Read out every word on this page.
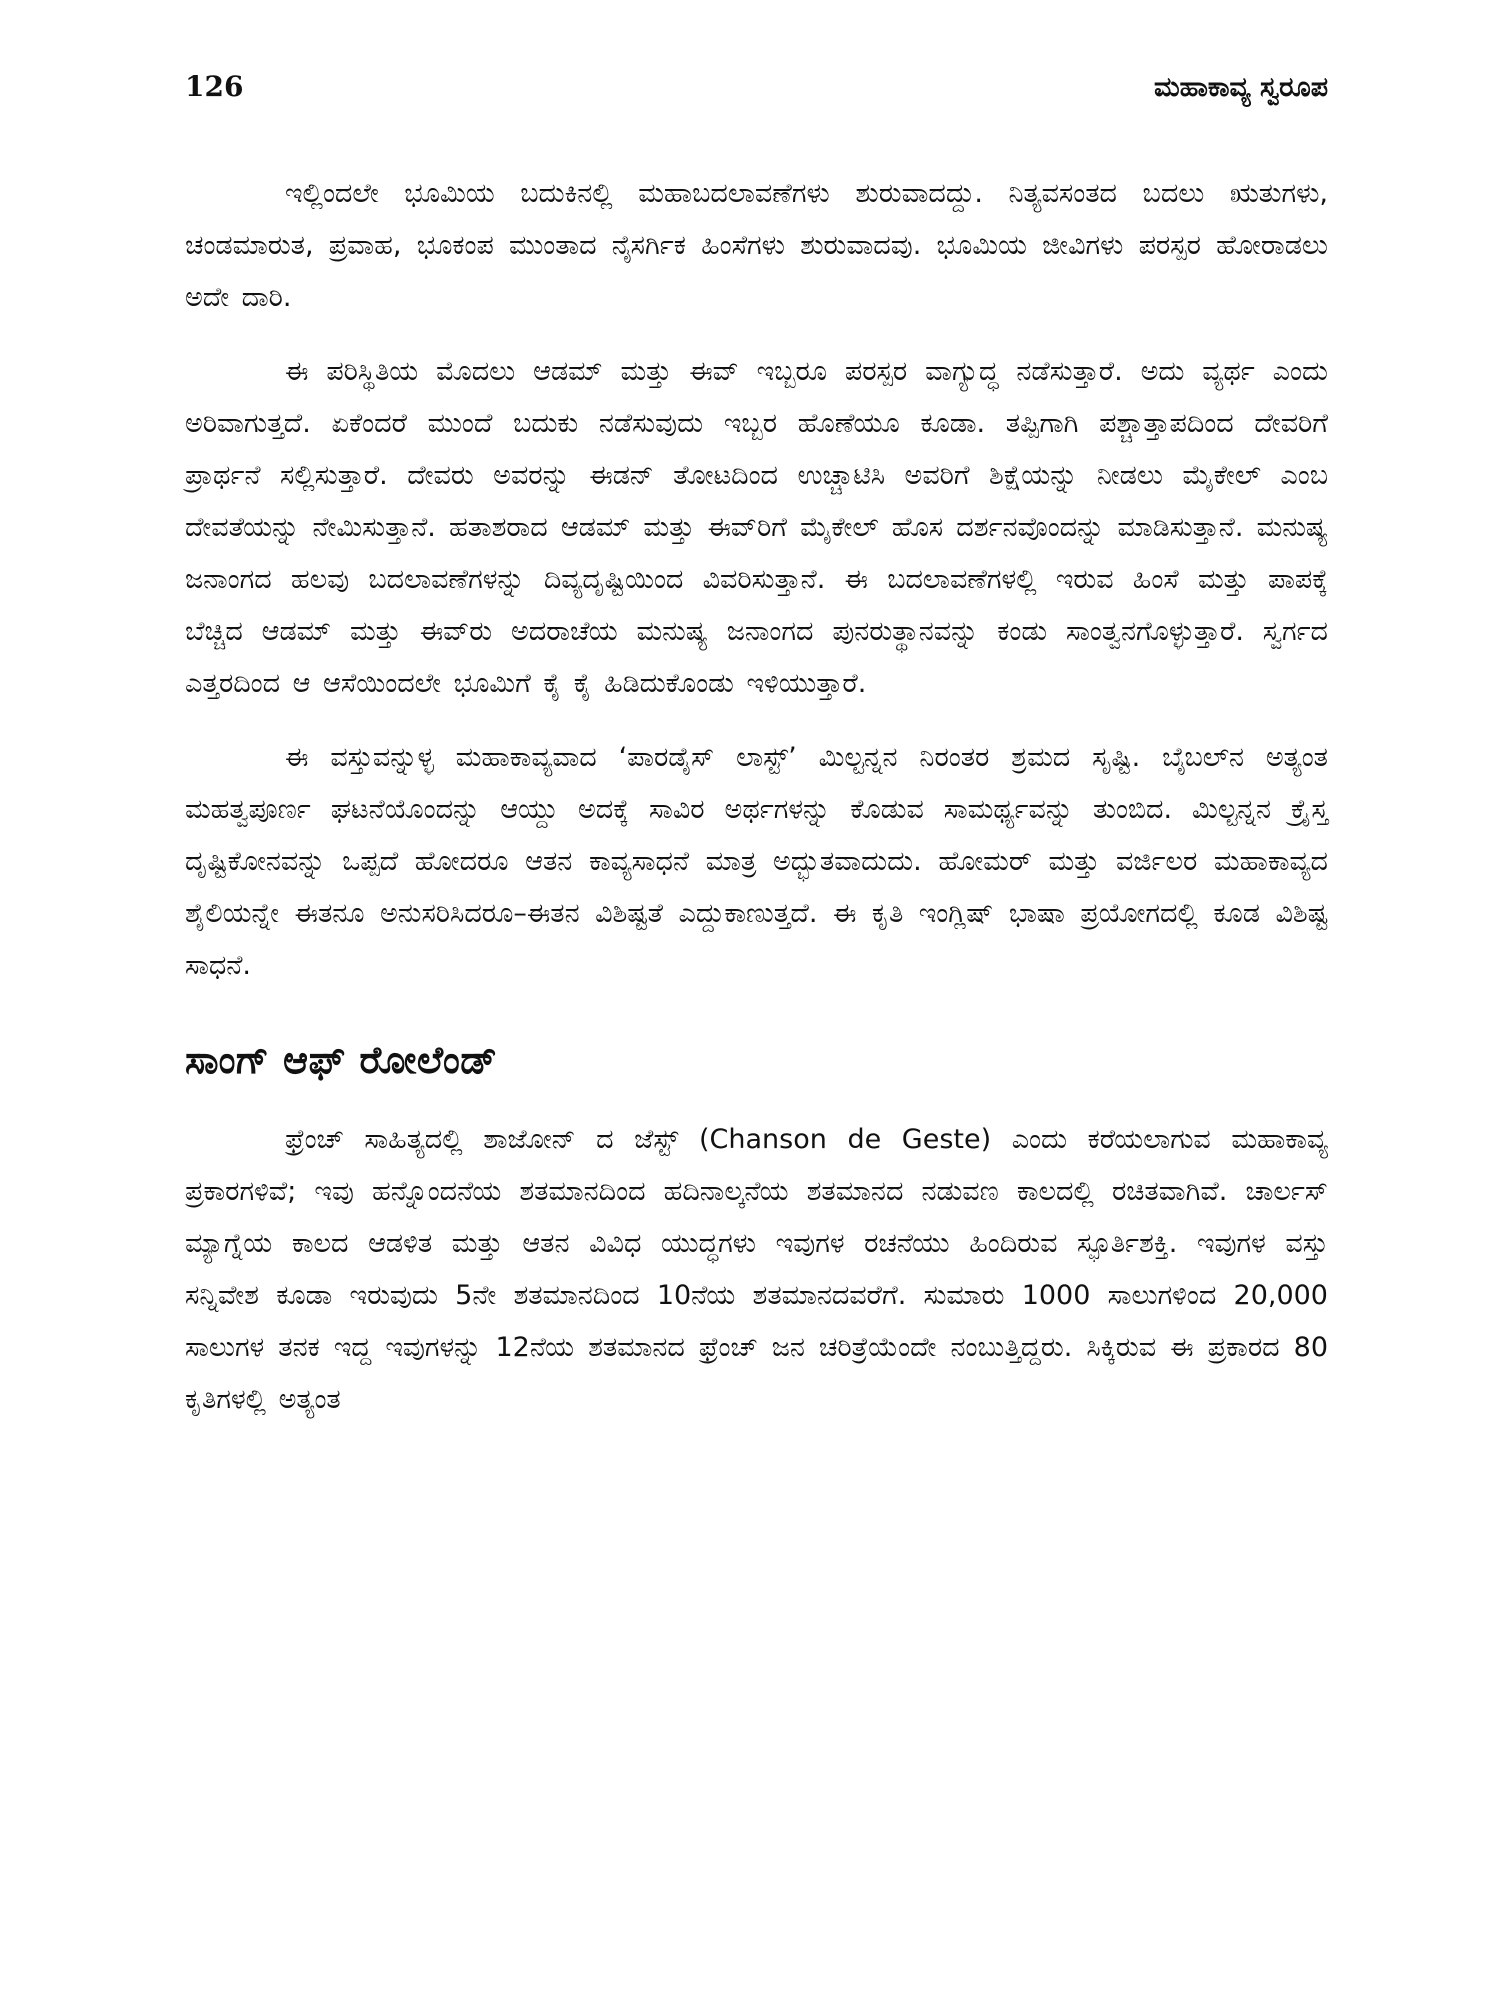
126	ಮಹಾಕಾವ್ಯ ಸ್ವರೂಪ

ಇಲ್ಲಿಂದಲೇ ಭೂಮಿಯ ಬದುಕಿನಲ್ಲಿ ಮಹಾಬದಲಾವಣೆಗಳು ಶುರುವಾದದ್ದು. ನಿತ್ಯವಸಂತದ ಬದಲು ಋತುಗಳು, ಚಂಡಮಾರುತ, ಪ್ರವಾಹ, ಭೂಕಂಪ ಮುಂತಾದ ನೈಸರ್ಗಿಕ ಹಿಂಸೆಗಳು ಶುರುವಾದವು. ಭೂಮಿಯ ಜೀವಿಗಳು ಪರಸ್ಪರ ಹೋರಾಡಲು ಅದೇ ದಾರಿ.

ಈ ಪರಿಸ್ಥಿತಿಯ ಮೊದಲು ಆಡಮ್ ಮತ್ತು ಈವ್ ಇಬ್ಬರೂ ಪರಸ್ಪರ ವಾಗ್ಯುದ್ಧ ನಡೆಸುತ್ತಾರೆ. ಅದು ವ್ಯರ್ಥ ಎಂದು ಅರಿವಾಗುತ್ತದೆ. ಏಕೆಂದರೆ ಮುಂದೆ ಬದುಕು ನಡೆಸುವುದು ಇಬ್ಬರ ಹೊಣೆಯೂ ಕೂಡಾ. ತಪ್ಪಿಗಾಗಿ ಪಶ್ಚಾತ್ತಾಪದಿಂದ ದೇವರಿಗೆ ಪ್ರಾರ್ಥನೆ ಸಲ್ಲಿಸುತ್ತಾರೆ. ದೇವರು ಅವರನ್ನು ಈಡನ್ ತೋಟದಿಂದ ಉಚ್ಚಾಟಿಸಿ ಅವರಿಗೆ ಶಿಕ್ಷೆಯನ್ನು ನೀಡಲು ಮೈಕೇಲ್ ಎಂಬ ದೇವತೆಯನ್ನು ನೇಮಿಸುತ್ತಾನೆ. ಹತಾಶರಾದ ಆಡಮ್ ಮತ್ತು ಈವ್‌ರಿಗೆ ಮೈಕೇಲ್ ಹೊಸ ದರ್ಶನವೊಂದನ್ನು ಮಾಡಿಸುತ್ತಾನೆ. ಮನುಷ್ಯ ಜನಾಂಗದ ಹಲವು ಬದಲಾವಣೆಗಳನ್ನು ದಿವ್ಯದೃಷ್ಟಿಯಿಂದ ವಿವರಿಸುತ್ತಾನೆ. ಈ ಬದಲಾವಣೆಗಳಲ್ಲಿ ಇರುವ ಹಿಂಸೆ ಮತ್ತು ಪಾಪಕ್ಕೆ ಬೆಚ್ಚಿದ ಆಡಮ್ ಮತ್ತು ಈವ್‌ರು ಅದರಾಚೆಯ ಮನುಷ್ಯ ಜನಾಂಗದ ಪುನರುತ್ಥಾನವನ್ನು ಕಂಡು ಸಾಂತ್ವನಗೊಳ್ಳುತ್ತಾರೆ. ಸ್ವರ್ಗದ ಎತ್ತರದಿಂದ ಆ ಆಸೆಯಿಂದಲೇ ಭೂಮಿಗೆ ಕೈ ಕೈ ಹಿಡಿದುಕೊಂಡು ಇಳಿಯುತ್ತಾರೆ.

ಈ ವಸ್ತುವನ್ನುಳ್ಳ ಮಹಾಕಾವ್ಯವಾದ ‘ಪಾರಡೈಸ್ ಲಾಸ್ಟ್’ ಮಿಲ್ಟನ್ನನ ನಿರಂತರ ಶ್ರಮದ ಸೃಷ್ಟಿ. ಬೈಬಲ್‌ನ ಅತ್ಯಂತ ಮಹತ್ವಪೂರ್ಣ ಘಟನೆಯೊಂದನ್ನು ಆಯ್ದು ಅದಕ್ಕೆ ಸಾವಿರ ಅರ್ಥಗಳನ್ನು ಕೊಡುವ ಸಾಮರ್ಥ್ಯವನ್ನು ತುಂಬಿದ. ಮಿಲ್ಟನ್ನನ ಕ್ರೈಸ್ತ ದೃಷ್ಟಿಕೋನವನ್ನು ಒಪ್ಪದೆ ಹೋದರೂ ಆತನ ಕಾವ್ಯಸಾಧನೆ ಮಾತ್ರ ಅದ್ಭುತವಾದುದು. ಹೋಮರ್ ಮತ್ತು ವರ್ಜಿಲರ ಮಹಾಕಾವ್ಯದ ಶೈಲಿಯನ್ನೇ ಈತನೂ ಅನುಸರಿಸಿದರೂ–ಈತನ ವಿಶಿಷ್ಟತೆ ಎದ್ದುಕಾಣುತ್ತದೆ. ಈ ಕೃತಿ ಇಂಗ್ಲಿಷ್ ಭಾಷಾ ಪ್ರಯೋಗದಲ್ಲಿ ಕೂಡ ವಿಶಿಷ್ಟ ಸಾಧನೆ.

ಸಾಂಗ್ ಆಫ್ ರೋಲೆಂಡ್

ಫ್ರೆಂಚ್ ಸಾಹಿತ್ಯದಲ್ಲಿ ಶಾಜೋನ್ ದ ಜೆಸ್ಟ್ (Chanson de Geste) ಎಂದು ಕರೆಯಲಾಗುವ ಮಹಾಕಾವ್ಯ ಪ್ರಕಾರಗಳಿವೆ; ಇವು ಹನ್ನೊಂದನೆಯ ಶತಮಾನದಿಂದ ಹದಿನಾಲ್ಕನೆಯ ಶತಮಾನದ ನಡುವಣ ಕಾಲದಲ್ಲಿ ರಚಿತವಾಗಿವೆ. ಚಾರ್ಲಸ್ ಮ್ಯಾಗ್ನೆಯ ಕಾಲದ ಆಡಳಿತ ಮತ್ತು ಆತನ ವಿವಿಧ ಯುದ್ಧಗಳು ಇವುಗಳ ರಚನೆಯು ಹಿಂದಿರುವ ಸ್ಫೂರ್ತಿಶಕ್ತಿ. ಇವುಗಳ ವಸ್ತು ಸನ್ನಿವೇಶ ಕೂಡಾ ಇರುವುದು 5ನೇ ಶತಮಾನದಿಂದ 10ನೆಯ ಶತಮಾನದವರೆಗೆ. ಸುಮಾರು 1000 ಸಾಲುಗಳಿಂದ 20,000 ಸಾಲುಗಳ ತನಕ ಇದ್ದ ಇವುಗಳನ್ನು 12ನೆಯ ಶತಮಾನದ ಫ್ರೆಂಚ್ ಜನ ಚರಿತ್ರೆಯೆಂದೇ ನಂಬುತ್ತಿದ್ದರು. ಸಿಕ್ಕಿರುವ ಈ ಪ್ರಕಾರದ 80 ಕೃತಿಗಳಲ್ಲಿ ಅತ್ಯಂತ
